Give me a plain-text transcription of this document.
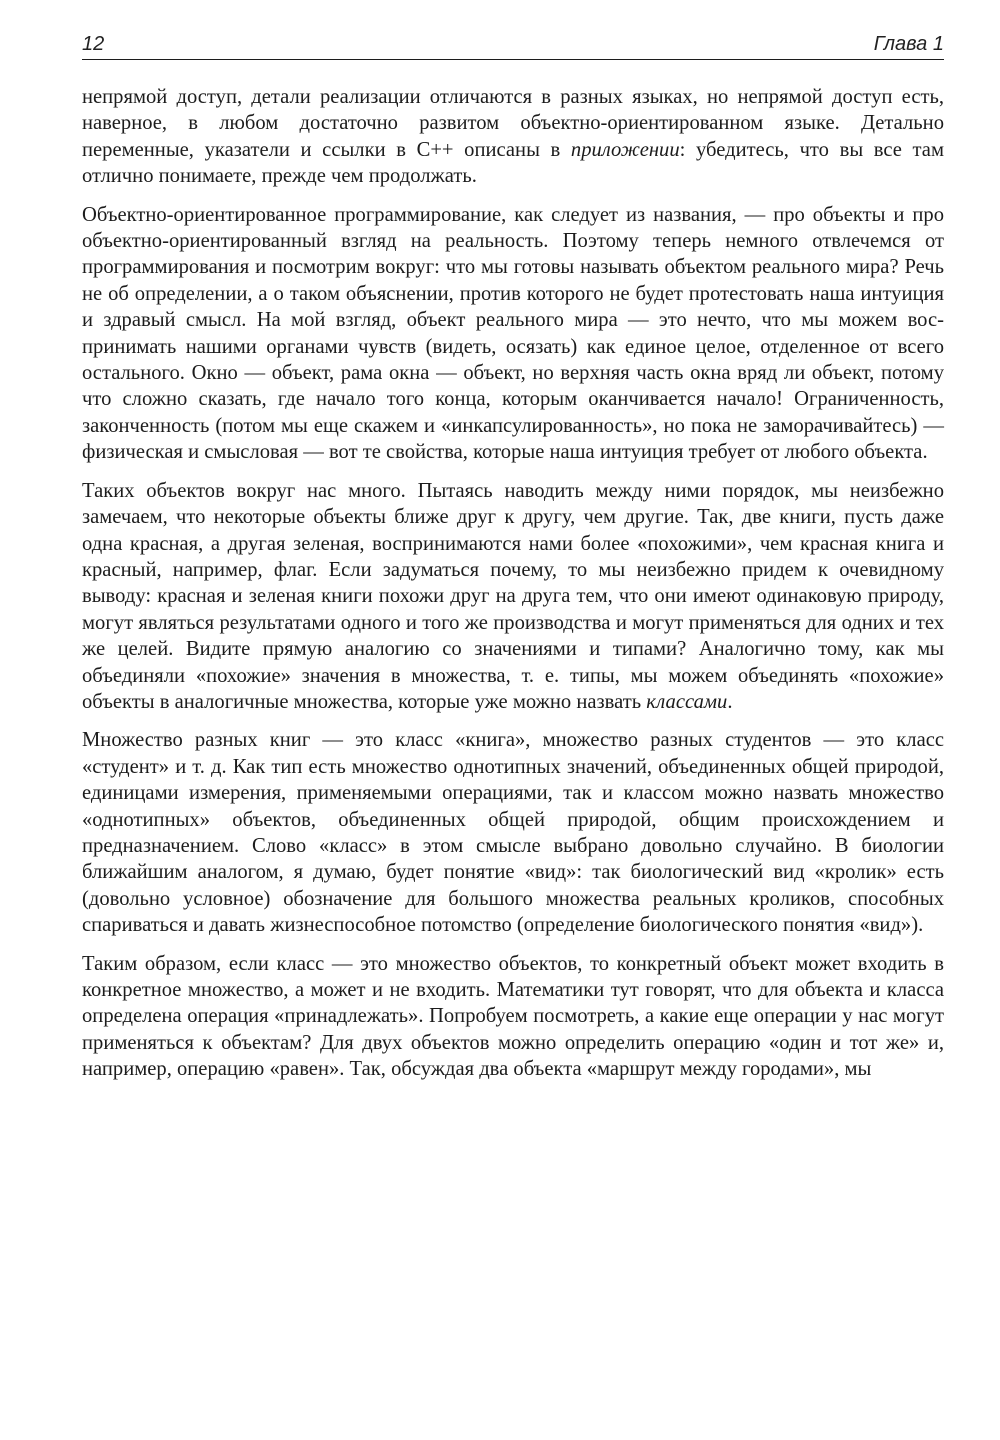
12	Глава 1

непрямой доступ, детали реализации отличаются в разных языках, но непрямой доступ есть, наверное, в любом достаточно развитом объектно-ориентированном языке. Детально переменные, указатели и ссылки в C++ описаны в приложении: убедитесь, что вы все там отлично понимаете, прежде чем продолжать.

Объектно-ориентированное программирование, как следует из названия, — про объекты и про объектно-ориентированный взгляд на реальность. Поэтому теперь немного отвлечемся от программирования и посмотрим вокруг: что мы готовы называть объектом реального мира? Речь не об определении, а о таком объяснении, против которого не будет протестовать наша интуиция и здравый смысл. На мой взгляд, объект реального мира — это нечто, что мы можем воспринимать нашими органами чувств (видеть, осязать) как единое целое, отделенное от всего остального. Окно — объект, рама окна — объект, но верхняя часть окна вряд ли объект, потому что сложно сказать, где начало того конца, которым оканчивается начало! Ограниченность, законченность (потом мы еще скажем и «инкапсулированность», но пока не заморачивайтесь) — физическая и смысловая — вот те свойства, которые наша интуиция требует от любого объекта.

Таких объектов вокруг нас много. Пытаясь наводить между ними порядок, мы неизбежно замечаем, что некоторые объекты ближе друг к другу, чем другие. Так, две книги, пусть даже одна красная, а другая зеленая, воспринимаются нами более «похожими», чем красная книга и красный, например, флаг. Если задуматься почему, то мы неизбежно придем к очевидному выводу: красная и зеленая книги похожи друг на друга тем, что они имеют одинаковую природу, могут являться результатами одного и того же производства и могут применяться для одних и тех же целей. Видите прямую аналогию со значениями и типами? Аналогично тому, как мы объединяли «похожие» значения в множества, т. е. типы, мы можем объединять «похожие» объекты в аналогичные множества, которые уже можно назвать классами.

Множество разных книг — это класс «книга», множество разных студентов — это класс «студент» и т. д. Как тип есть множество однотипных значений, объединенных общей природой, единицами измерения, применяемыми операциями, так и классом можно назвать множество «однотипных» объектов, объединенных общей природой, общим происхождением и предназначением. Слово «класс» в этом смысле выбрано довольно случайно. В биологии ближайшим аналогом, я думаю, будет понятие «вид»: так биологический вид «кролик» есть (довольно условное) обозначение для большого множества реальных кроликов, способных спариваться и давать жизнеспособное потомство (определение биологического понятия «вид»).

Таким образом, если класс — это множество объектов, то конкретный объект может входить в конкретное множество, а может и не входить. Математики тут говорят, что для объекта и класса определена операция «принадлежать». Попробуем посмотреть, а какие еще операции у нас могут применяться к объектам? Для двух объектов можно определить операцию «один и тот же» и, например, операцию «равен». Так, обсуждая два объекта «маршрут между городами», мы
